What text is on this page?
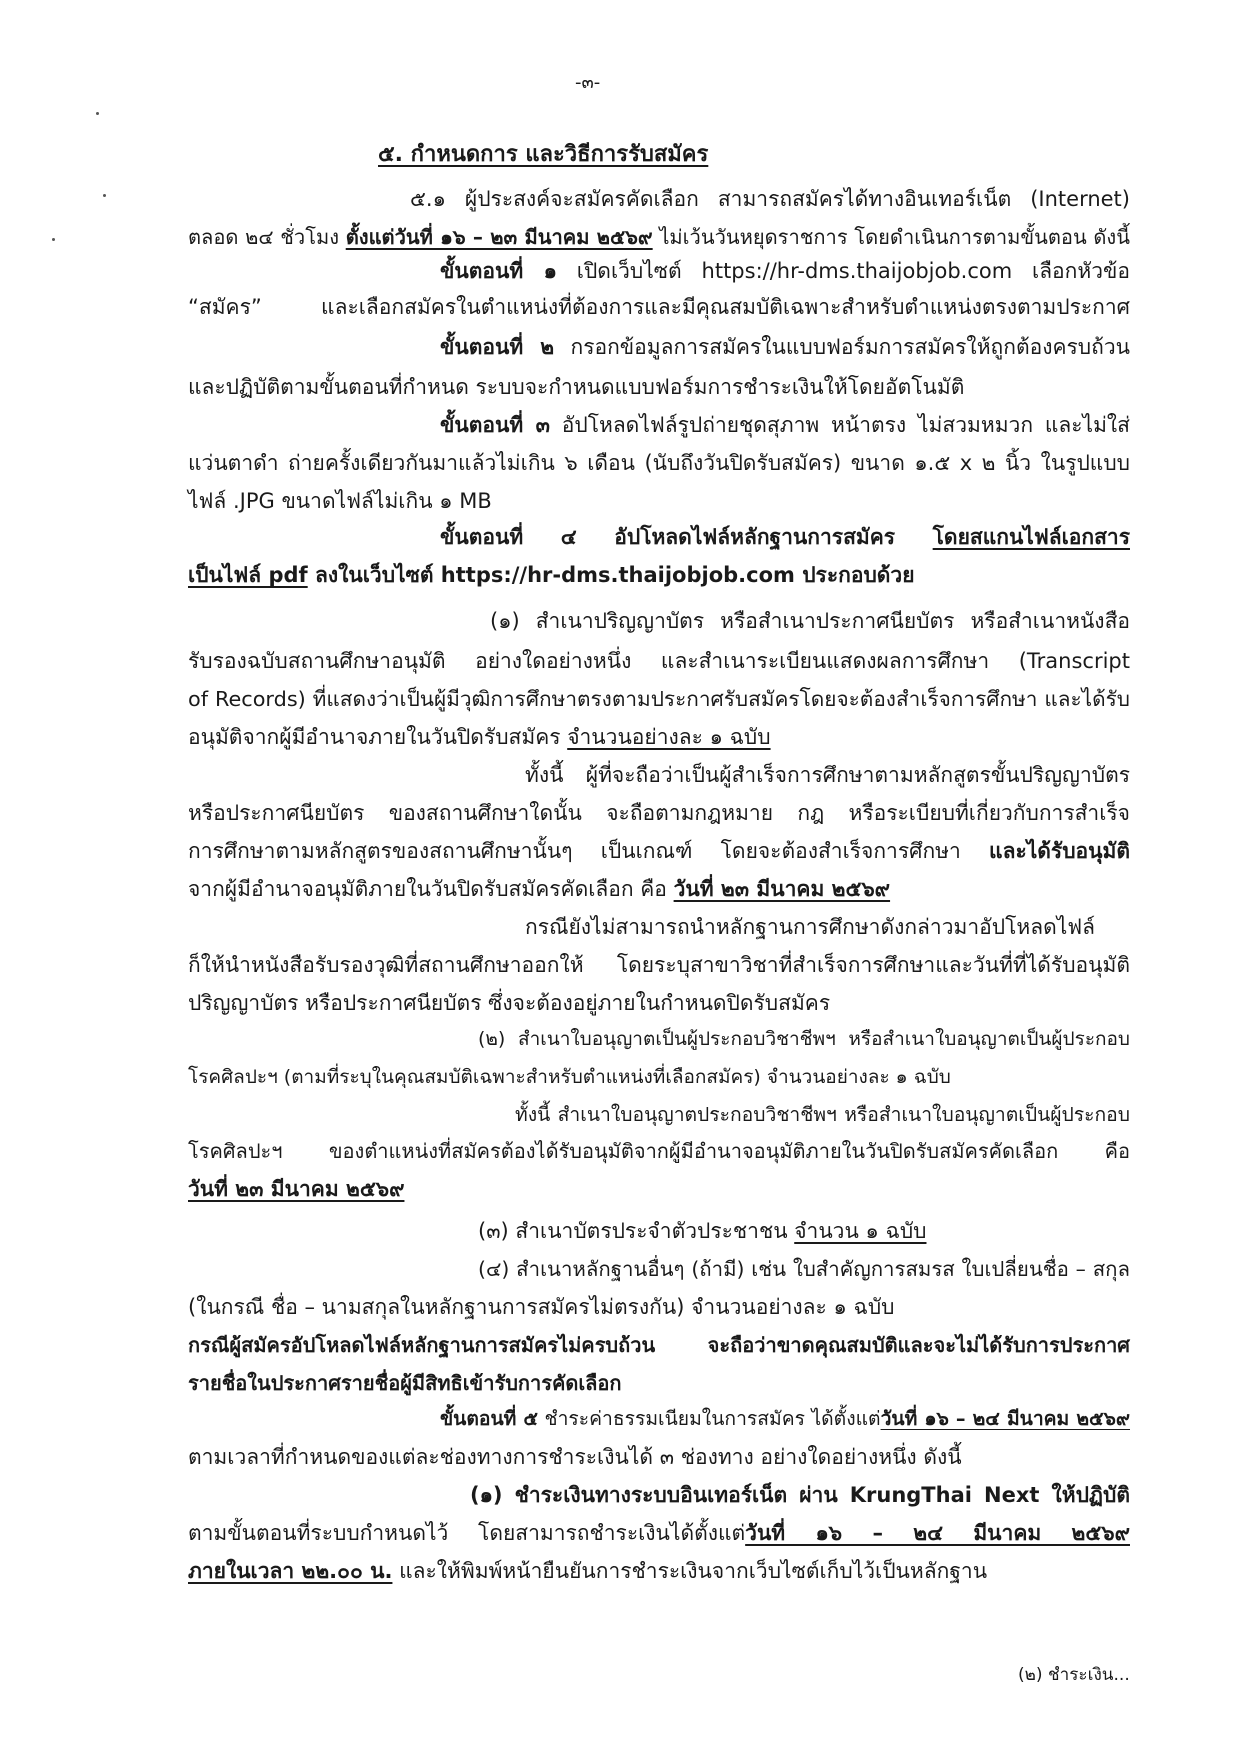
-๓-
๕. กำหนดการ และวิธีการรับสมัคร
๕.๑ ผู้ประสงค์จะสมัครคัดเลือก สามารถสมัครได้ทางอินเทอร์เน็ต (Internet)
ตลอด ๒๔ ชั่วโมง ตั้งแต่วันที่ ๑๖ – ๒๓ มีนาคม ๒๕๖๙ ไม่เว้นวันหยุดราชการ โดยดำเนินการตามขั้นตอน ดังนี้
ขั้นตอนที่ ๑ เปิดเว็บไซต์ https://hr-dms.thaijobjob.com เลือกหัวข้อ
“สมัคร” และเลือกสมัครในตำแหน่งที่ต้องการและมีคุณสมบัติเฉพาะสำหรับตำแหน่งตรงตามประกาศ
ขั้นตอนที่ ๒ กรอกข้อมูลการสมัครในแบบฟอร์มการสมัครให้ถูกต้องครบถ้วน
และปฏิบัติตามขั้นตอนที่กำหนด ระบบจะกำหนดแบบฟอร์มการชำระเงินให้โดยอัตโนมัติ
ขั้นตอนที่ ๓ อัปโหลดไฟล์รูปถ่ายชุดสุภาพ หน้าตรง ไม่สวมหมวก และไม่ใส่
แว่นตาดำ ถ่ายครั้งเดียวกันมาแล้วไม่เกิน ๖ เดือน (นับถึงวันปิดรับสมัคร) ขนาด ๑.๕ x ๒ นิ้ว ในรูปแบบ
ไฟล์ .JPG ขนาดไฟล์ไม่เกิน ๑ MB
ขั้นตอนที่ ๔ อัปโหลดไฟล์หลักฐานการสมัคร โดยสแกนไฟล์เอกสาร
เป็นไฟล์ pdf ลงในเว็บไซต์ https://hr-dms.thaijobjob.com ประกอบด้วย
(๑) สำเนาปริญญาบัตร หรือสำเนาประกาศนียบัตร หรือสำเนาหนังสือ
รับรองฉบับสถานศึกษาอนุมัติ อย่างใดอย่างหนึ่ง และสำเนาระเบียนแสดงผลการศึกษา (Transcript
of Records) ที่แสดงว่าเป็นผู้มีวุฒิการศึกษาตรงตามประกาศรับสมัครโดยจะต้องสำเร็จการศึกษา และได้รับ
อนุมัติจากผู้มีอำนาจภายในวันปิดรับสมัคร จำนวนอย่างละ ๑ ฉบับ
ทั้งนี้ ผู้ที่จะถือว่าเป็นผู้สำเร็จการศึกษาตามหลักสูตรขั้นปริญญาบัตร
หรือประกาศนียบัตร ของสถานศึกษาใดนั้น จะถือตามกฎหมาย กฎ หรือระเบียบที่เกี่ยวกับการสำเร็จ
การศึกษาตามหลักสูตรของสถานศึกษานั้นๆ เป็นเกณฑ์ โดยจะต้องสำเร็จการศึกษา และได้รับอนุมัติ
จากผู้มีอำนาจอนุมัติภายในวันปิดรับสมัครคัดเลือก คือ วันที่ ๒๓ มีนาคม ๒๕๖๙
กรณียังไม่สามารถนำหลักฐานการศึกษาดังกล่าวมาอัปโหลดไฟล์
ก็ให้นำหนังสือรับรองวุฒิที่สถานศึกษาออกให้ โดยระบุสาขาวิชาที่สำเร็จการศึกษาและวันที่ที่ได้รับอนุมัติ
ปริญญาบัตร หรือประกาศนียบัตร ซึ่งจะต้องอยู่ภายในกำหนดปิดรับสมัคร
(๒) สำเนาใบอนุญาตเป็นผู้ประกอบวิชาชีพฯ หรือสำเนาใบอนุญาตเป็นผู้ประกอบ
โรคศิลปะฯ (ตามที่ระบุในคุณสมบัติเฉพาะสำหรับตำแหน่งที่เลือกสมัคร) จำนวนอย่างละ ๑ ฉบับ
ทั้งนี้ สำเนาใบอนุญาตประกอบวิชาชีพฯ หรือสำเนาใบอนุญาตเป็นผู้ประกอบ
โรคศิลปะฯ ของตำแหน่งที่สมัครต้องได้รับอนุมัติจากผู้มีอำนาจอนุมัติภายในวันปิดรับสมัครคัดเลือก คือ
วันที่ ๒๓ มีนาคม ๒๕๖๙
(๓) สำเนาบัตรประจำตัวประชาชน จำนวน ๑ ฉบับ
(๔) สำเนาหลักฐานอื่นๆ (ถ้ามี) เช่น ใบสำคัญการสมรส ใบเปลี่ยนชื่อ – สกุล
(ในกรณี ชื่อ – นามสกุลในหลักฐานการสมัครไม่ตรงกัน) จำนวนอย่างละ ๑ ฉบับ
กรณีผู้สมัครอัปโหลดไฟล์หลักฐานการสมัครไม่ครบถ้วน จะถือว่าขาดคุณสมบัติและจะไม่ได้รับการประกาศ
รายชื่อในประกาศรายชื่อผู้มีสิทธิเข้ารับการคัดเลือก
ขั้นตอนที่ ๕ ชำระค่าธรรมเนียมในการสมัคร ได้ตั้งแต่วันที่ ๑๖ – ๒๔ มีนาคม ๒๕๖๙
ตามเวลาที่กำหนดของแต่ละช่องทางการชำระเงินได้ ๓ ช่องทาง อย่างใดอย่างหนึ่ง ดังนี้
(๑) ชำระเงินทางระบบอินเทอร์เน็ต ผ่าน KrungThai Next ให้ปฏิบัติ
ตามขั้นตอนที่ระบบกำหนดไว้ โดยสามารถชำระเงินได้ตั้งแต่วันที่ ๑๖ – ๒๔ มีนาคม ๒๕๖๙
ภายในเวลา ๒๒.๐๐ น. และให้พิมพ์หน้ายืนยันการชำระเงินจากเว็บไซต์เก็บไว้เป็นหลักฐาน
(๒) ชำระเงิน...
